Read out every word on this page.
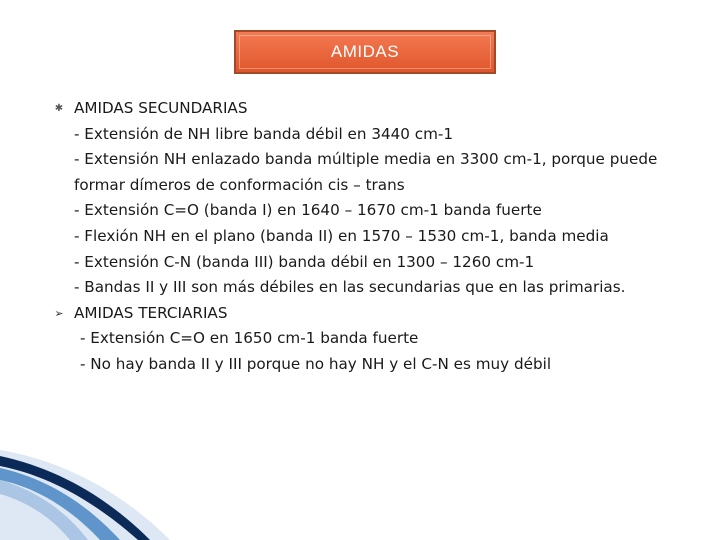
AMIDAS
✱ AMIDAS SECUNDARIAS
- Extensión de NH libre banda débil en 3440 cm-1
- Extensión NH enlazado banda múltiple media en 3300 cm-1, porque puede formar dímeros de conformación cis – trans
- Extensión C=O (banda I) en 1640 – 1670 cm-1 banda fuerte
- Flexión NH en el plano (banda II) en 1570 – 1530 cm-1, banda media
- Extensión C-N (banda III) banda débil en 1300 – 1260 cm-1
- Bandas II y III son más débiles en las secundarias que en las primarias.
➢ AMIDAS TERCIARIAS
- Extensión C=O en 1650 cm-1 banda fuerte
- No hay banda II y III porque no hay NH y el C-N es muy débil
